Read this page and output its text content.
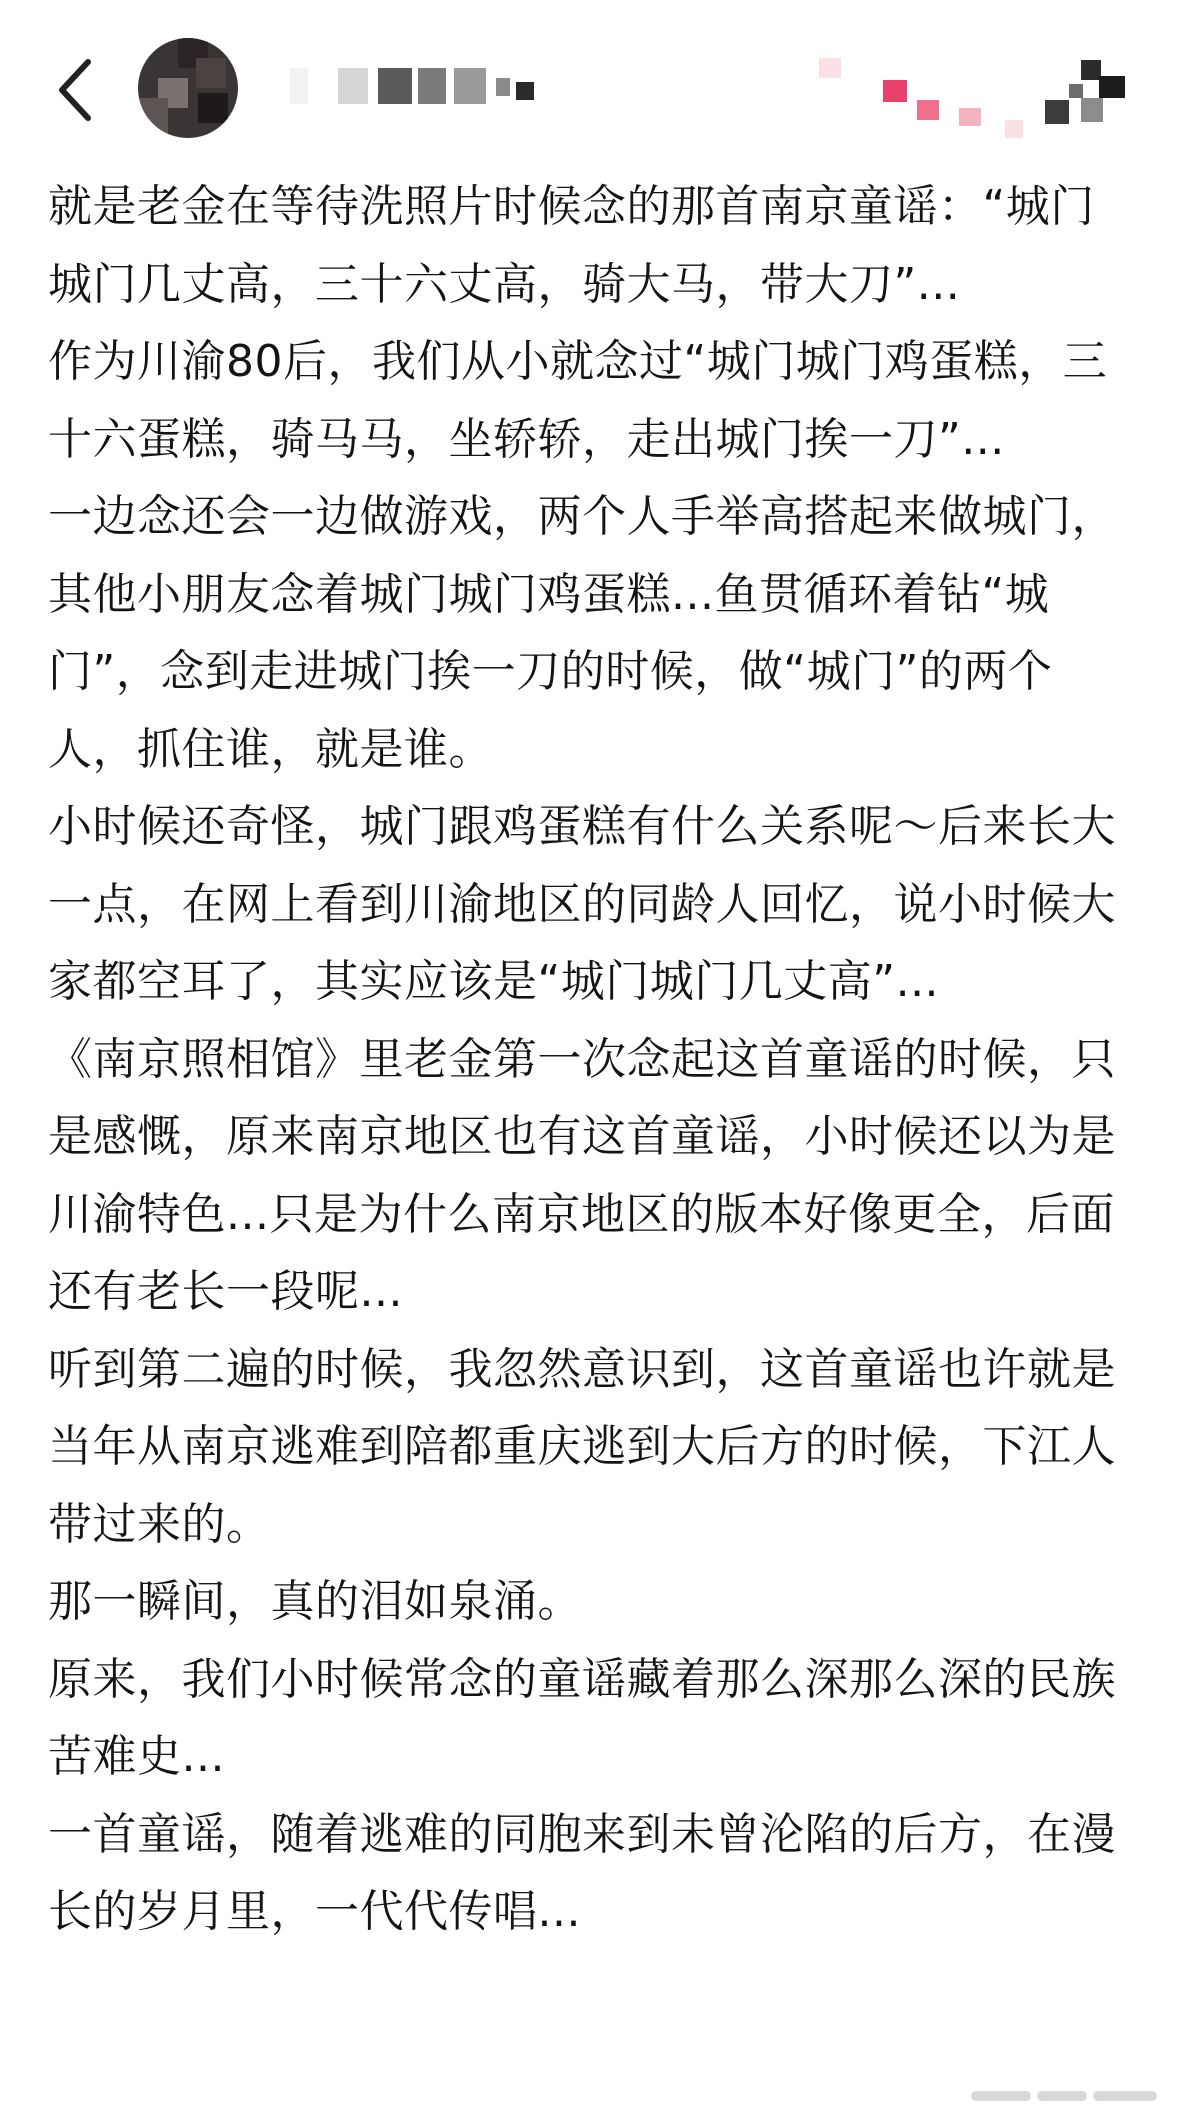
就是老金在等待洗照片时候念的那首南京童谣：“城门城门几丈高，三十六丈高，骑大马，带大刀”...

作为川渝80后，我们从小就念过“城门城门鸡蛋糕，三十六蛋糕，骑马马，坐轿轿，走出城门挨一刀”...

一边念还会一边做游戏，两个人手举高搭起来做城门，其他小朋友念着城门城门鸡蛋糕...鱼贯循环着钻“城门”，念到走进城门挨一刀的时候，做“城门”的两个人，抓住谁，就是谁。

小时候还奇怪，城门跟鸡蛋糕有什么关系呢～后来长大一点，在网上看到川渝地区的同龄人回忆，说小时候大家都空耳了，其实应该是“城门城门几丈高”...

《南京照相馆》里老金第一次念起这首童谣的时候，只是感慨，原来南京地区也有这首童谣，小时候还以为是川渝特色...只是为什么南京地区的版本好像更全，后面还有老长一段呢...

听到第二遍的时候，我忽然意识到，这首童谣也许就是当年从南京逃难到陪都重庆逃到大后方的时候，下江人带过来的。

那一瞬间，真的泪如泉涌。

原来，我们小时候常念的童谣藏着那么深那么深的民族苦难史...

一首童谣，随着逃难的同胞来到未曾沦陷的后方，在漫长的岁月里，一代代传唱...
